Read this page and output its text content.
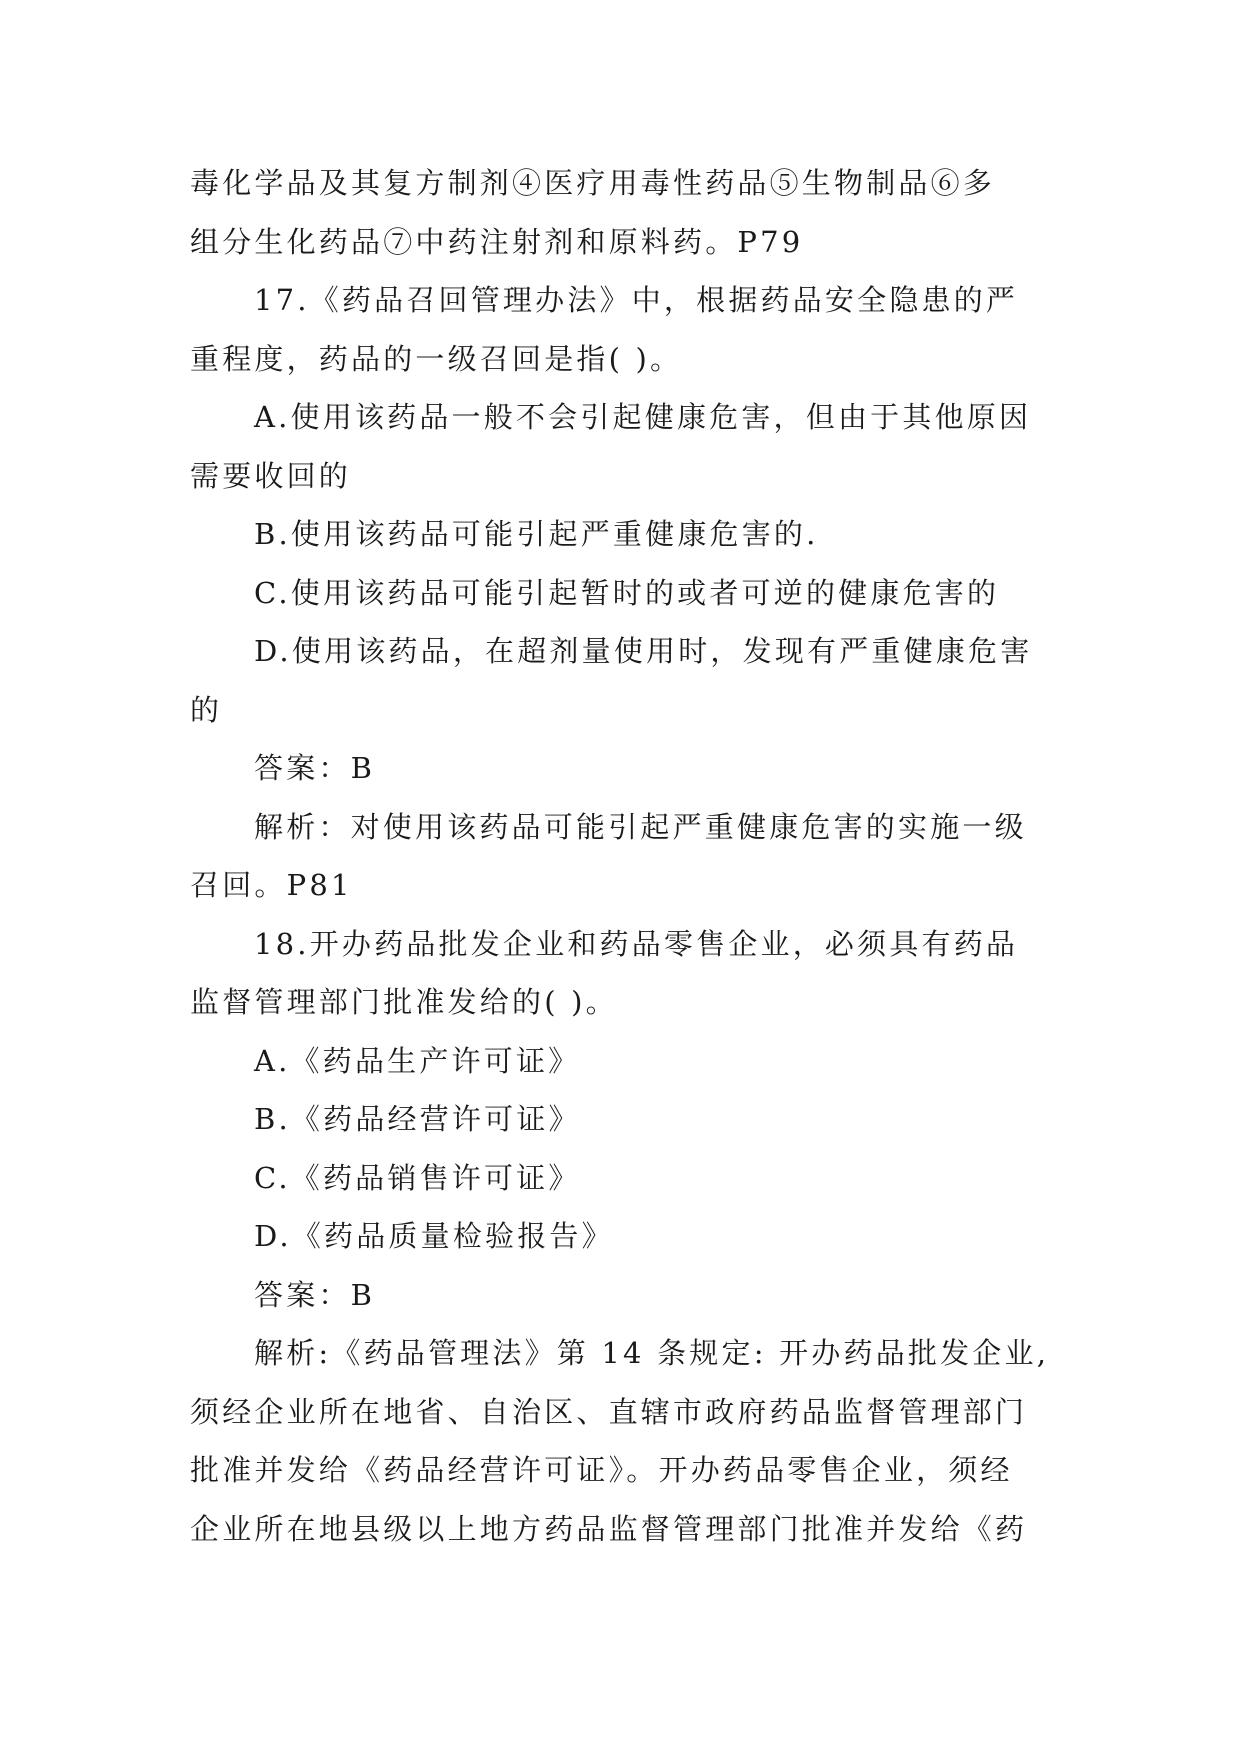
毒化学品及其复方制剂④医疗用毒性药品⑤生物制品⑥多
组分生化药品⑦中药注射剂和原料药。P79

17.《药品召回管理办法》中，根据药品安全隐患的严
重程度，药品的一级召回是指( )。

A.使用该药品一般不会引起健康危害，但由于其他原因
需要收回的

B.使用该药品可能引起严重健康危害的.

C.使用该药品可能引起暂时的或者可逆的健康危害的

D.使用该药品，在超剂量使用时，发现有严重健康危害
的

答案：B

解析：对使用该药品可能引起严重健康危害的实施一级
召回。P81

18.开办药品批发企业和药品零售企业，必须具有药品
监督管理部门批准发给的( )。

A.《药品生产许可证》

B.《药品经营许可证》

C.《药品销售许可证》

D.《药品质量检验报告》

答案：B

解析:《药品管理法》第 14 条规定: 开办药品批发企业,
须经企业所在地省、自治区、直辖市政府药品监督管理部门
批准并发给《药品经营许可证》。开办药品零售企业，须经
企业所在地县级以上地方药品监督管理部门批准并发给《药
